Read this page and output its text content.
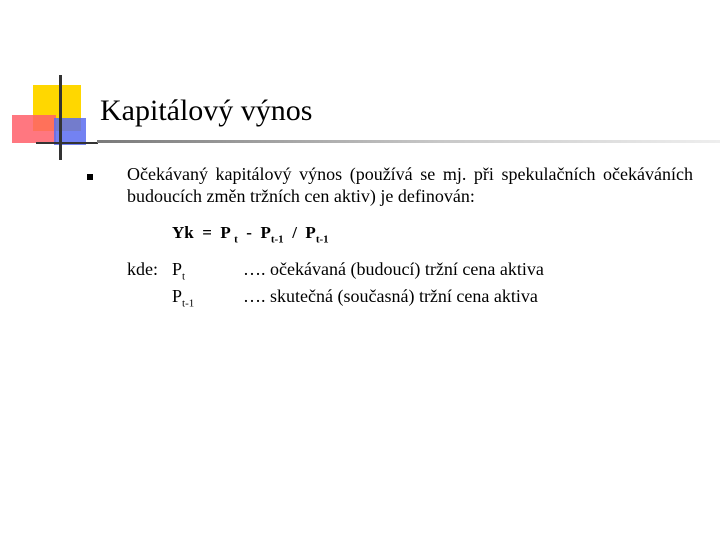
Kapitálový výnos
Očekávaný kapitálový výnos (používá se mj. při spekulačních očekáváních budoucích změn tržních cen aktiv) je definován:
Yk = P $_t - P_{t-1} / P_{t-1}$
kde: $P_t$	…. očekávaná (budoucí) tržní cena aktiva
$P_{t-1}$	…. skutečná (současná) tržní cena aktiva
